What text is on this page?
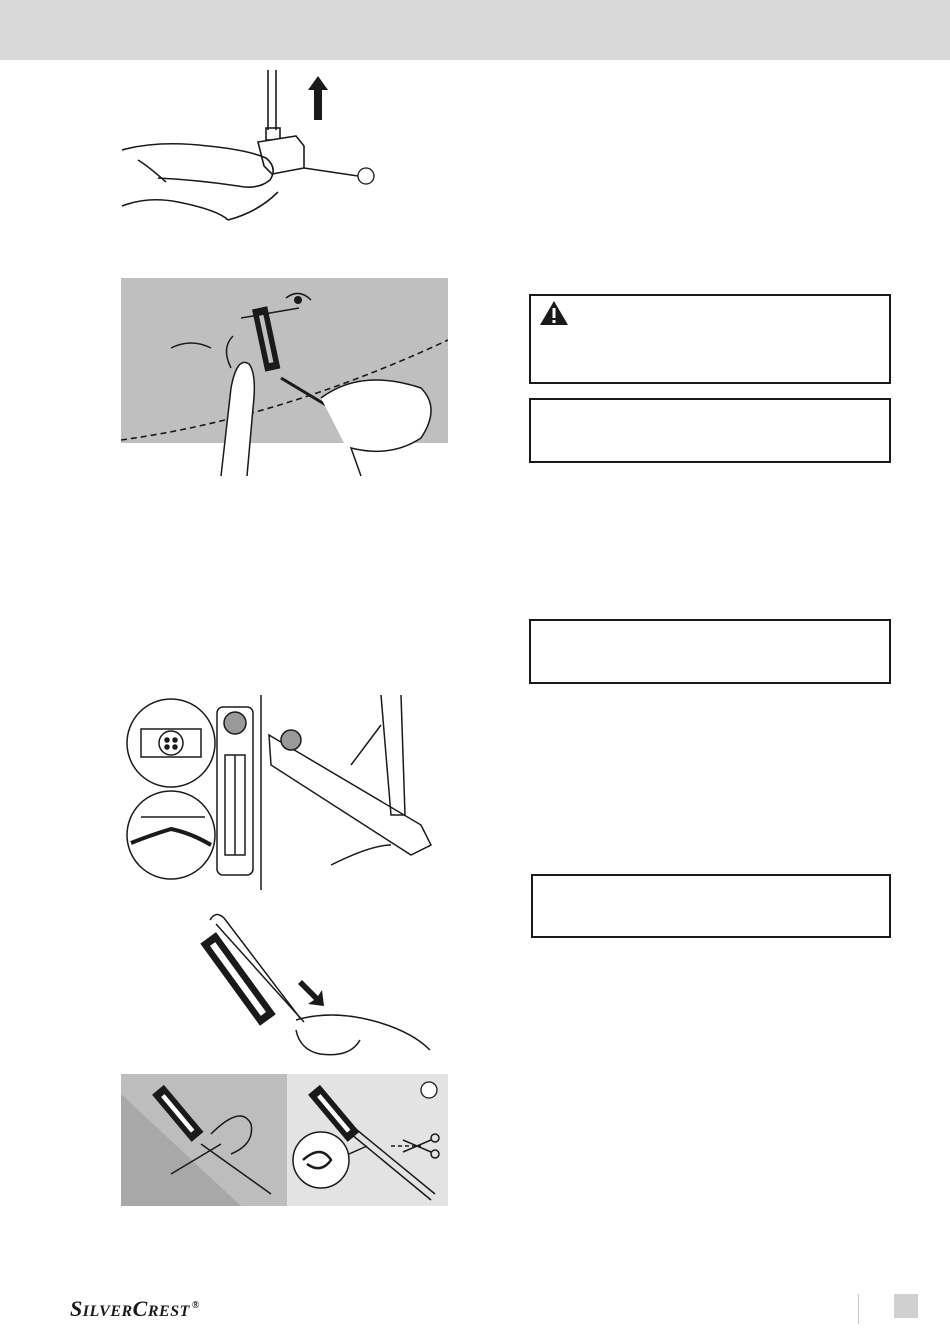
S ILVER C REST ®
